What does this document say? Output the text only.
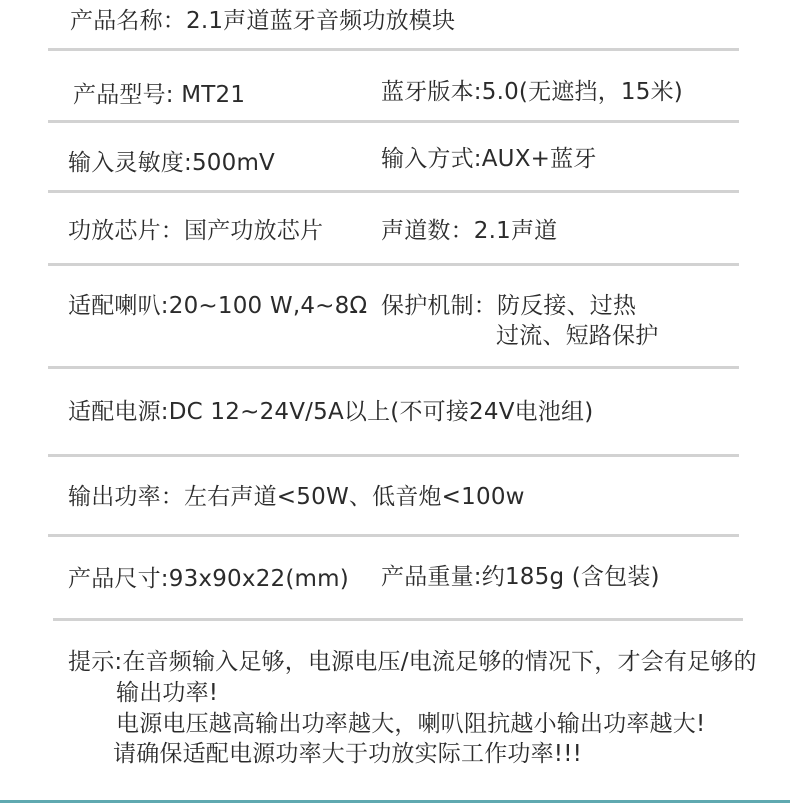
产品名称：2.1声道蓝牙音频功放模块
产品型号: MT21	蓝牙版本:5.0(无遮挡，15米)
输入灵敏度:500mV	输入方式:AUX+蓝牙
功放芯片：国产功放芯片	声道数：2.1声道
适配喇叭:20~100 W,4~8Ω 保护机制：防反接、过热
过流、短路保护
适配电源:DC 12~24V/5A以上(不可接24V电池组)
输出功率：左右声道<50W、低音炮<100w
产品尺寸:93x90x22(mm) 产品重量:约185g (含包装)
提示:在音频输入足够，电源电压/电流足够的情况下，才会有足够的
输出功率!
电源电压越高输出功率越大，喇叭阻抗越小输出功率越大!
请确保适配电源功率大于功放实际工作功率!!!
